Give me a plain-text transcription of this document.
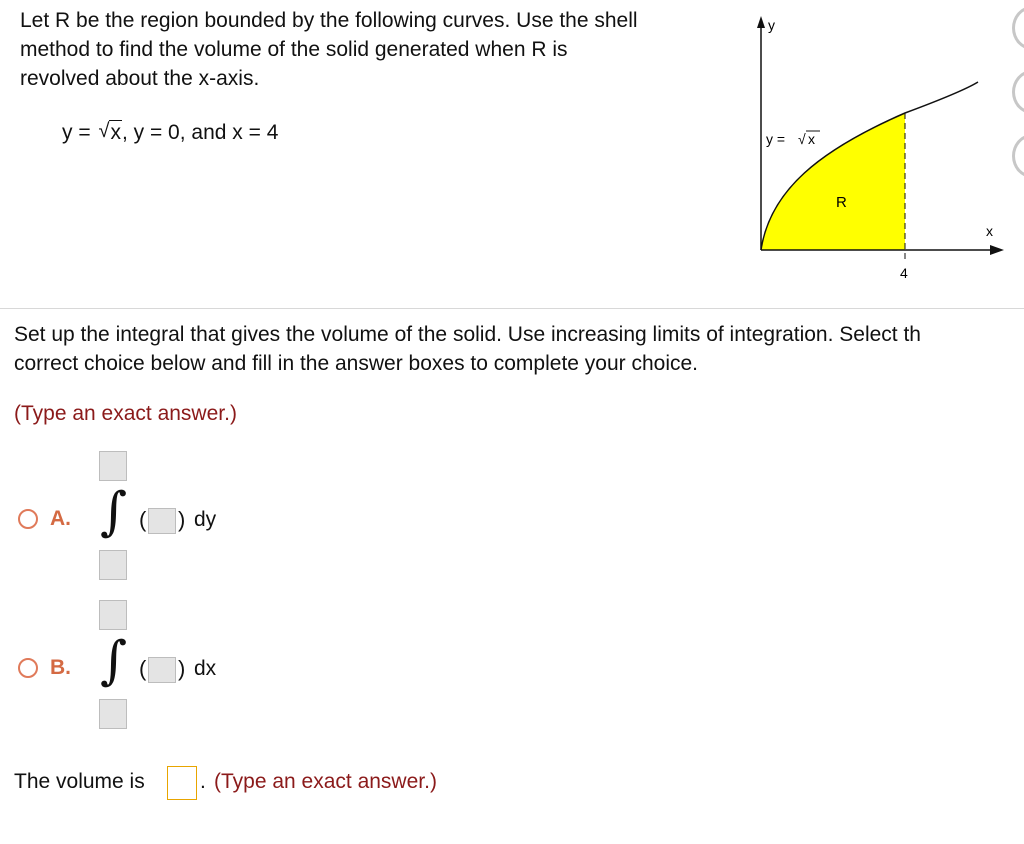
Let R be the region bounded by the following curves. Use the shell
method to find the volume of the solid generated when R is
revolved about the x-axis.
y = √ x, y = 0, and x = 4
y
x
R
4
y = √ x
Set up the integral that gives the volume of the solid. Use increasing limits of integration. Select th
correct choice below and fill in the answer boxes to complete your choice.
(Type an exact answer.)
A. ∫ ( ) dy
B. ∫ ( ) dx
The volume is	. (Type an exact answer.)
